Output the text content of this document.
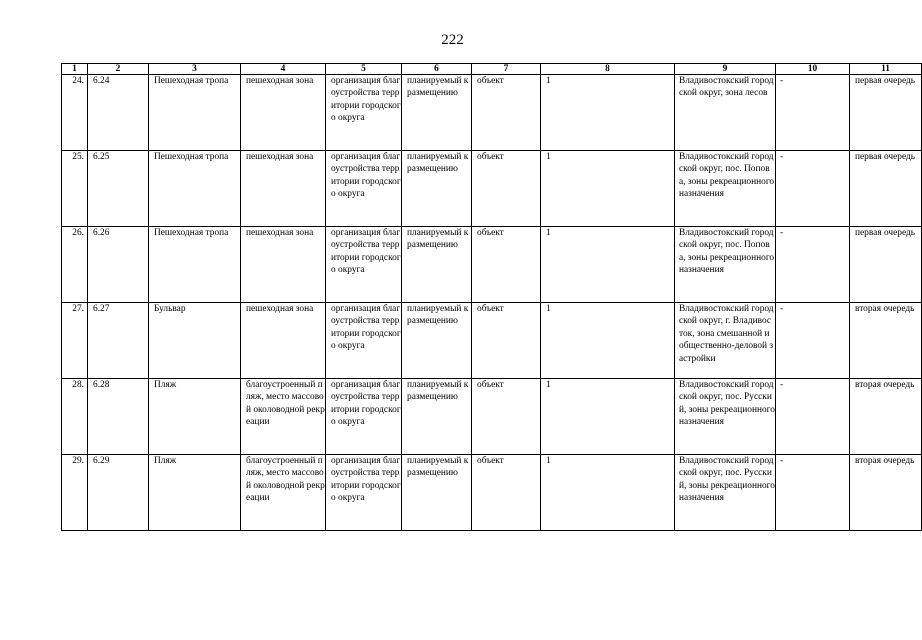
222
1	2	3	4	5	6	7	8	9	10	11
24.	6.24	Пешеходная тропа	пешеходная зона	организация благоустройства территории городского округа	планируемый к размещению	объект	1	Владивостокский городской округ, зона лесов	-	первая очередь
25.	6.25	Пешеходная тропа	пешеходная зона	организация благоустройства территории городского округа	планируемый к размещению	объект	1	Владивостокский городской округ, пос. Попова, зоны рекреационного назначения	-	первая очередь
26.	6.26	Пешеходная тропа	пешеходная зона	организация благоустройства территории городского округа	планируемый к размещению	объект	1	Владивостокский городской округ, пос. Попова, зоны рекреационного назначения	-	первая очередь
27.	6.27	Бульвар	пешеходная зона	организация благоустройства территории городского округа	планируемый к размещению	объект	1	Владивостокский городской округ, г. Владивосток, зона смешанной и общественно-деловой застройки	-	вторая очередь
28.	6.28	Пляж	благоустроенный пляж, место массовой околоводной рекреации	организация благоустройства территории городского округа	планируемый к размещению	объект	1	Владивостокский городской округ, пос. Русский, зоны рекреационного назначения	-	вторая очередь
29.	6.29	Пляж	благоустроенный пляж, место массовой околоводной рекреации	организация благоустройства территории городского округа	планируемый к размещению	объект	1	Владивостокский городской округ, пос. Русский, зоны рекреационного назначения	-	вторая очередь
